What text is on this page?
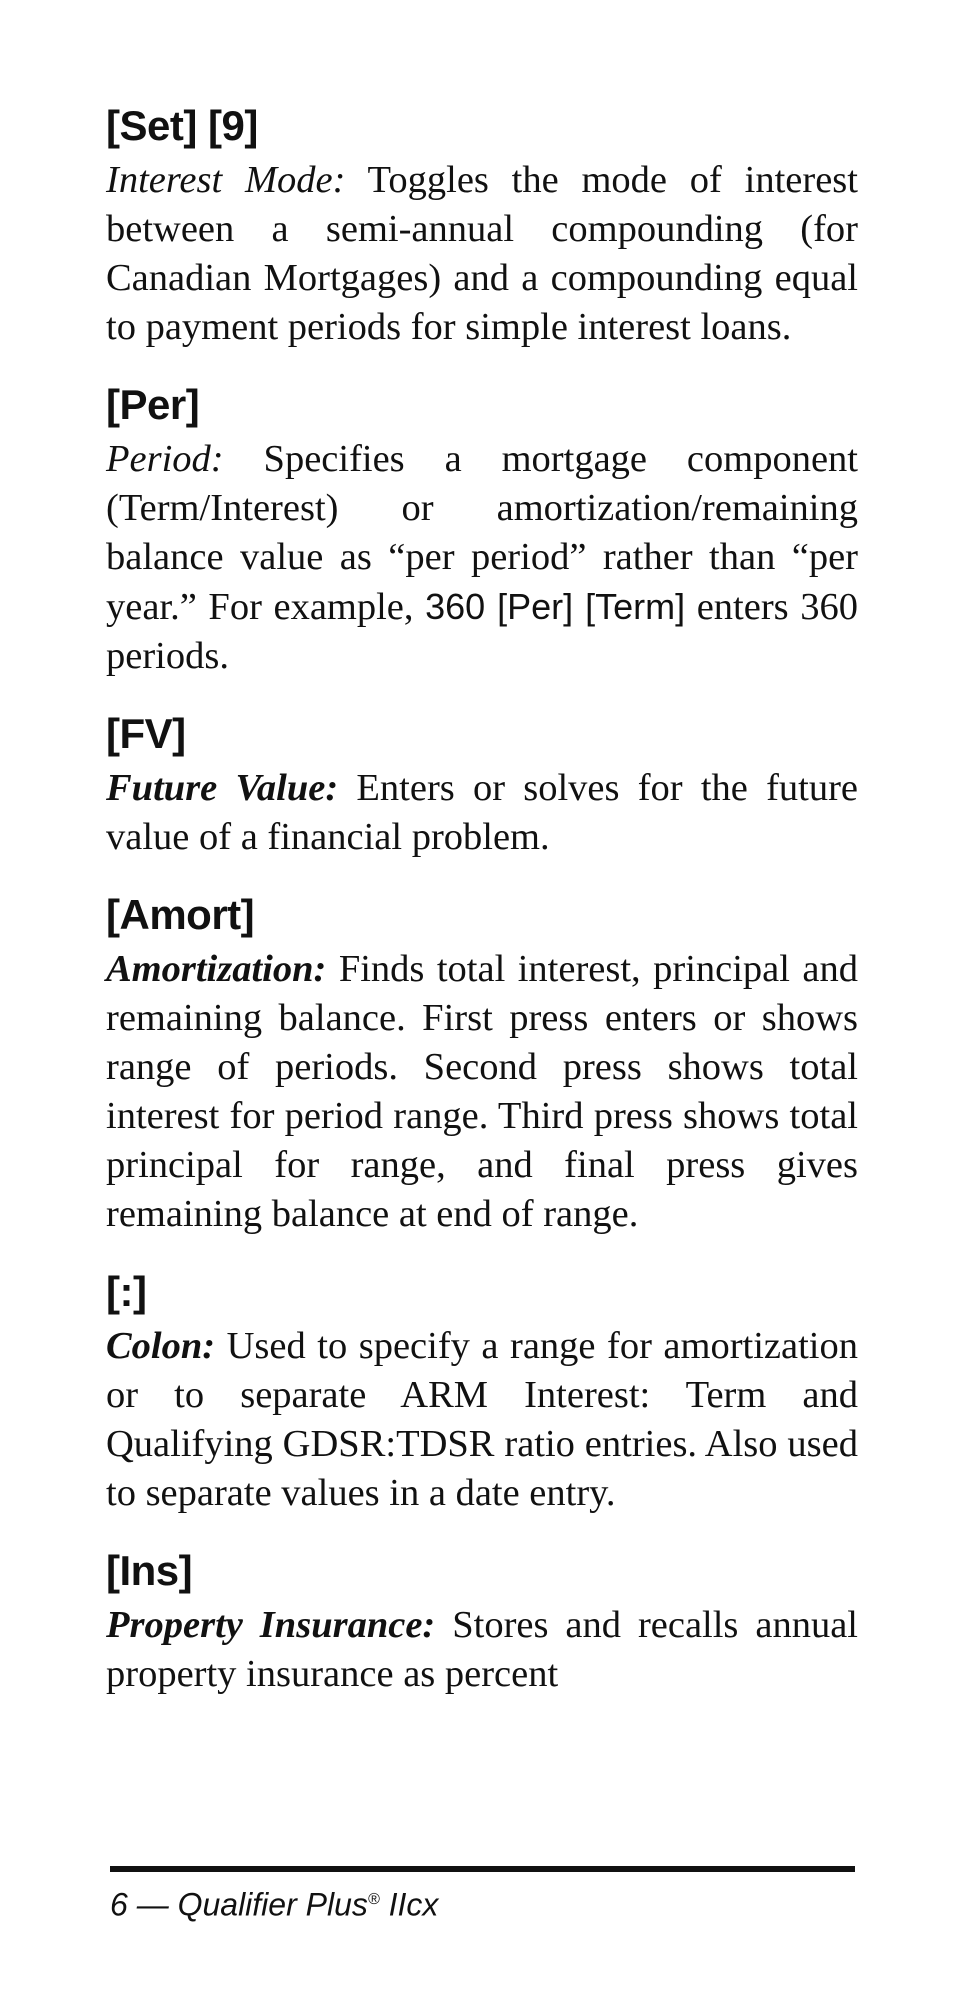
[Set] [9]

Interest Mode: Toggles the mode of interest between a semi-annual compounding (for Canadian Mortgages) and a compounding equal to payment periods for simple interest loans.

[Per]

Period: Specifies a mortgage component (Term/Interest) or amortization/remaining balance value as “per period” rather than “per year.” For example, 360 [Per] [Term] enters 360 periods.

[FV]

Future Value: Enters or solves for the future value of a financial problem.

[Amort]

Amortization: Finds total interest, principal and remaining balance. First press enters or shows range of periods. Second press shows total interest for period range. Third press shows total principal for range, and final press gives remaining balance at end of range.

[:]

Colon: Used to specify a range for amortization or to separate ARM Interest: Term and Qualifying GDSR:TDSR ratio entries. Also used to separate values in a date entry.

[Ins]

Property Insurance: Stores and recalls annual property insurance as percent

6 — Qualifier Plus® IIcx
